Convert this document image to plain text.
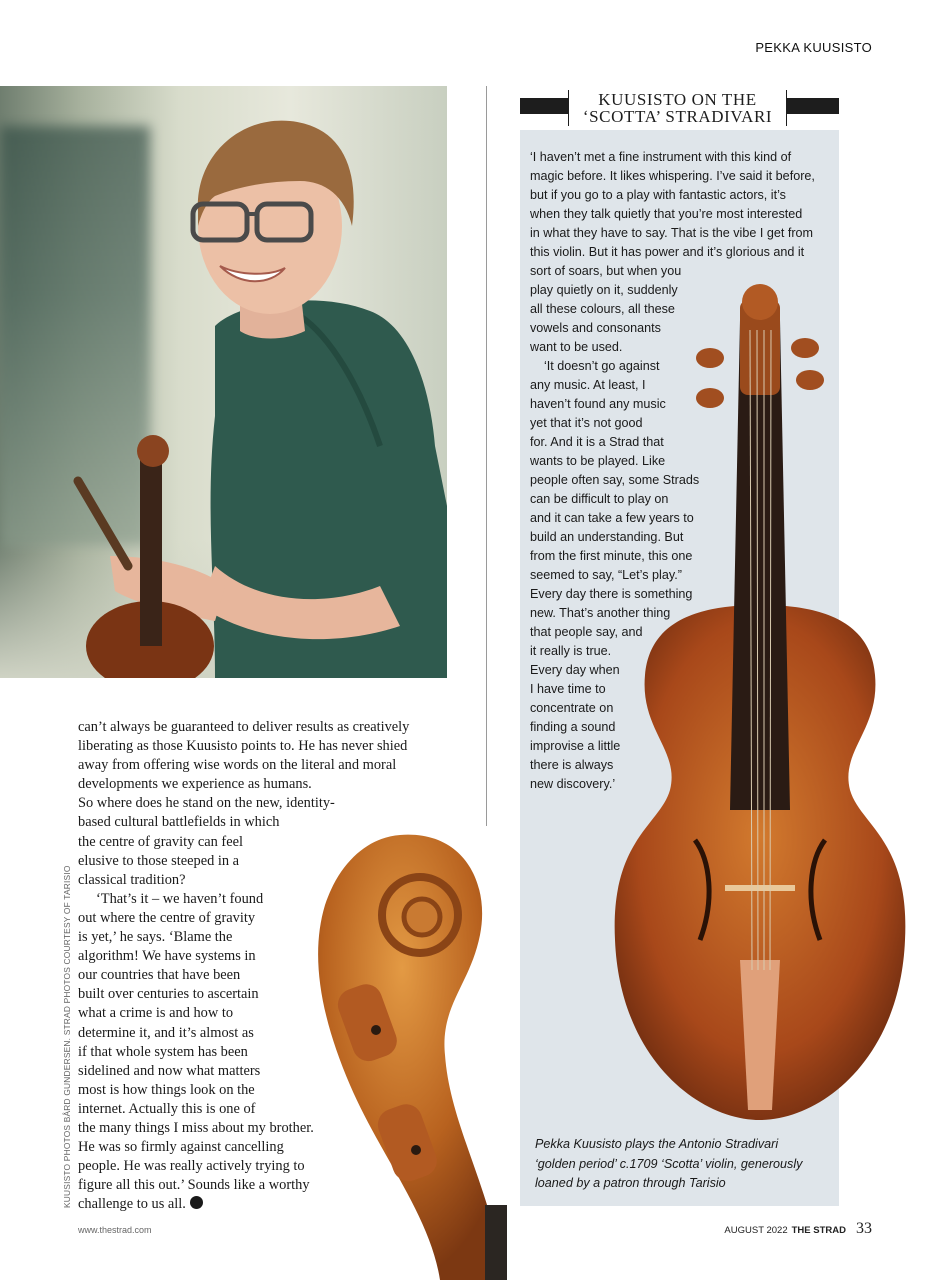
PEKKA KUUSISTO
KUUSISTO ON THE
‘SCOTTA’ STRADIVARI
‘I haven’t met a fine instrument with this kind of
magic before. It likes whispering. I’ve said it before,
but if you go to a play with fantastic actors, it’s
when they talk quietly that you’re most interested
in what they have to say. That is the vibe I get from
this violin. But it has power and it’s glorious and it
sort of soars, but when you
play quietly on it, suddenly
all these colours, all these
vowels and consonants
want to be used.
‘It doesn’t go against
any music. At least, I
haven’t found any music
yet that it’s not good
for. And it is a Strad that
wants to be played. Like
people often say, some Strads
can be difficult to play on
and it can take a few years to
build an understanding. But
from the first minute, this one
seemed to say, “Let’s play.”
Every day there is something
new. That’s another thing
that people say, and
it really is true.
Every day when
I have time to
concentrate on
finding a sound
improvise a little
there is always
new discovery.’
Pekka Kuusisto plays the Antonio Stradivari
‘golden period’ c.1709 ‘Scotta’ violin, generously
loaned by a patron through Tarisio
can’t always be guaranteed to deliver results as creatively
liberating as those Kuusisto points to. He has never shied
away from offering wise words on the literal and moral
developments we experience as humans.
So where does he stand on the new, identity-
based cultural battlefields in which
the centre of gravity can feel
elusive to those steeped in a
classical tradition?
‘That’s it – we haven’t found
out where the centre of gravity
is yet,’ he says. ‘Blame the
algorithm! We have systems in
our countries that have been
built over centuries to ascertain
what a crime is and how to
determine it, and it’s almost as
if that whole system has been
sidelined and now what matters
most is how things look on the
internet. Actually this is one of
the many things I miss about my brother.
He was so firmly against cancelling
people. He was really actively trying to
figure all this out.’ Sounds like a worthy
challenge to us all.
KUUSISTO PHOTOS BÅRD GUNDERSEN. STRAD PHOTOS COURTESY OF TARISIO
www.thestrad.com	AUGUST 2022 THE STRAD 33
